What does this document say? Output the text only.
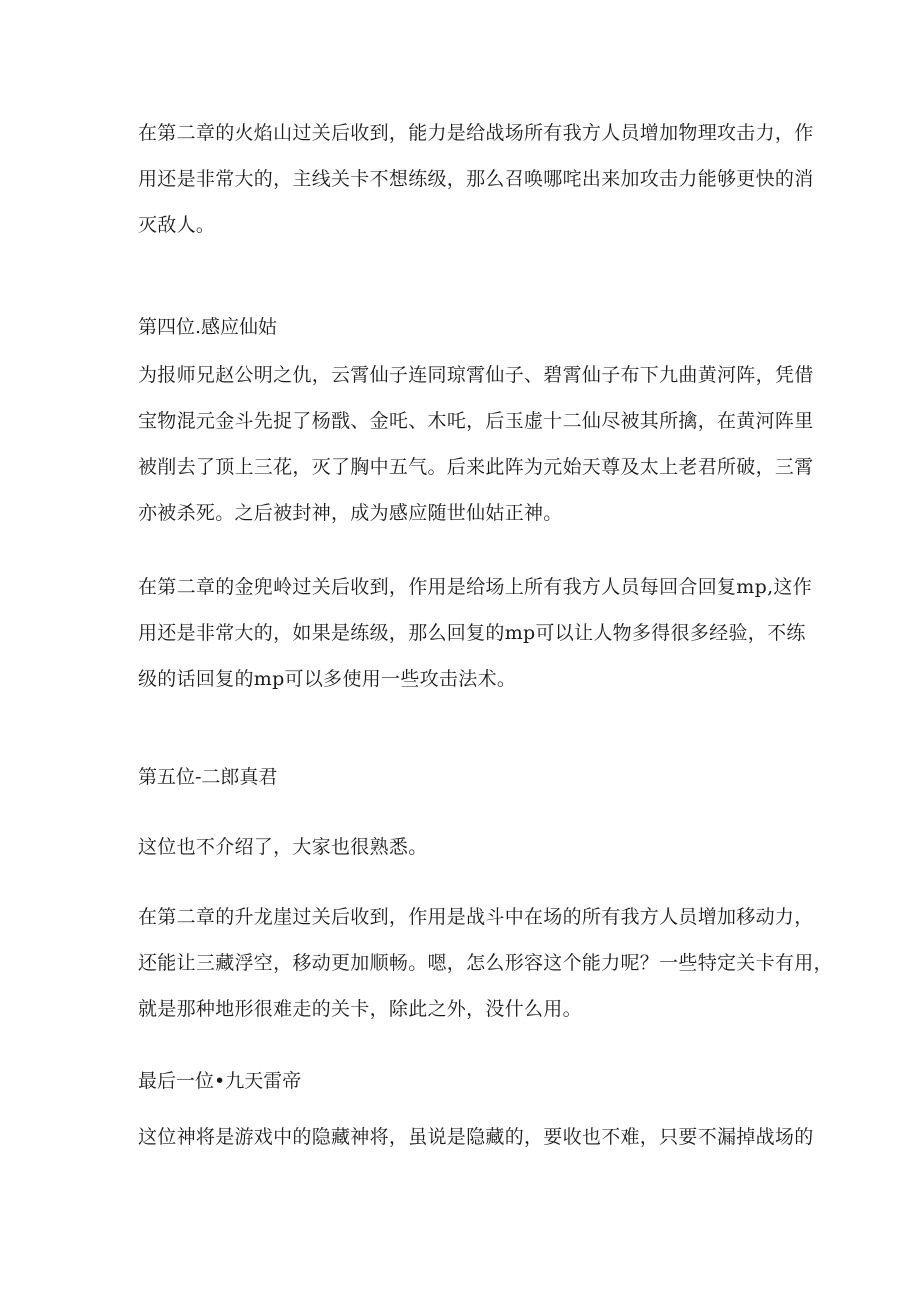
在第二章的火焰山过关后收到，能力是给战场所有我方人员增加物理攻击力，作
用还是非常大的，主线关卡不想练级，那么召唤哪咤出来加攻击力能够更快的消
灭敌人。

第四位.感应仙姑

为报师兄赵公明之仇，云霄仙子连同琼霄仙子、碧霄仙子布下九曲黄河阵，凭借
宝物混元金斗先捉了杨戬、金吒、木吒，后玉虚十二仙尽被其所擒，在黄河阵里
被削去了顶上三花，灭了胸中五气。后来此阵为元始天尊及太上老君所破，三霄
亦被杀死。之后被封神，成为感应随世仙姑正神。

在第二章的金兜岭过关后收到，作用是给场上所有我方人员每回合回复mp,这作
用还是非常大的，如果是练级，那么回复的mp可以让人物多得很多经验，不练
级的话回复的mp可以多使用一些攻击法术。

第五位-二郎真君

这位也不介绍了，大家也很熟悉。

在第二章的升龙崖过关后收到，作用是战斗中在场的所有我方人员增加移动力，
还能让三藏浮空，移动更加顺畅。嗯，怎么形容这个能力呢？一些特定关卡有用，
就是那种地形很难走的关卡，除此之外，没什么用。

最后一位•九天雷帝

这位神将是游戏中的隐藏神将，虽说是隐藏的，要收也不难，只要不漏掉战场的
